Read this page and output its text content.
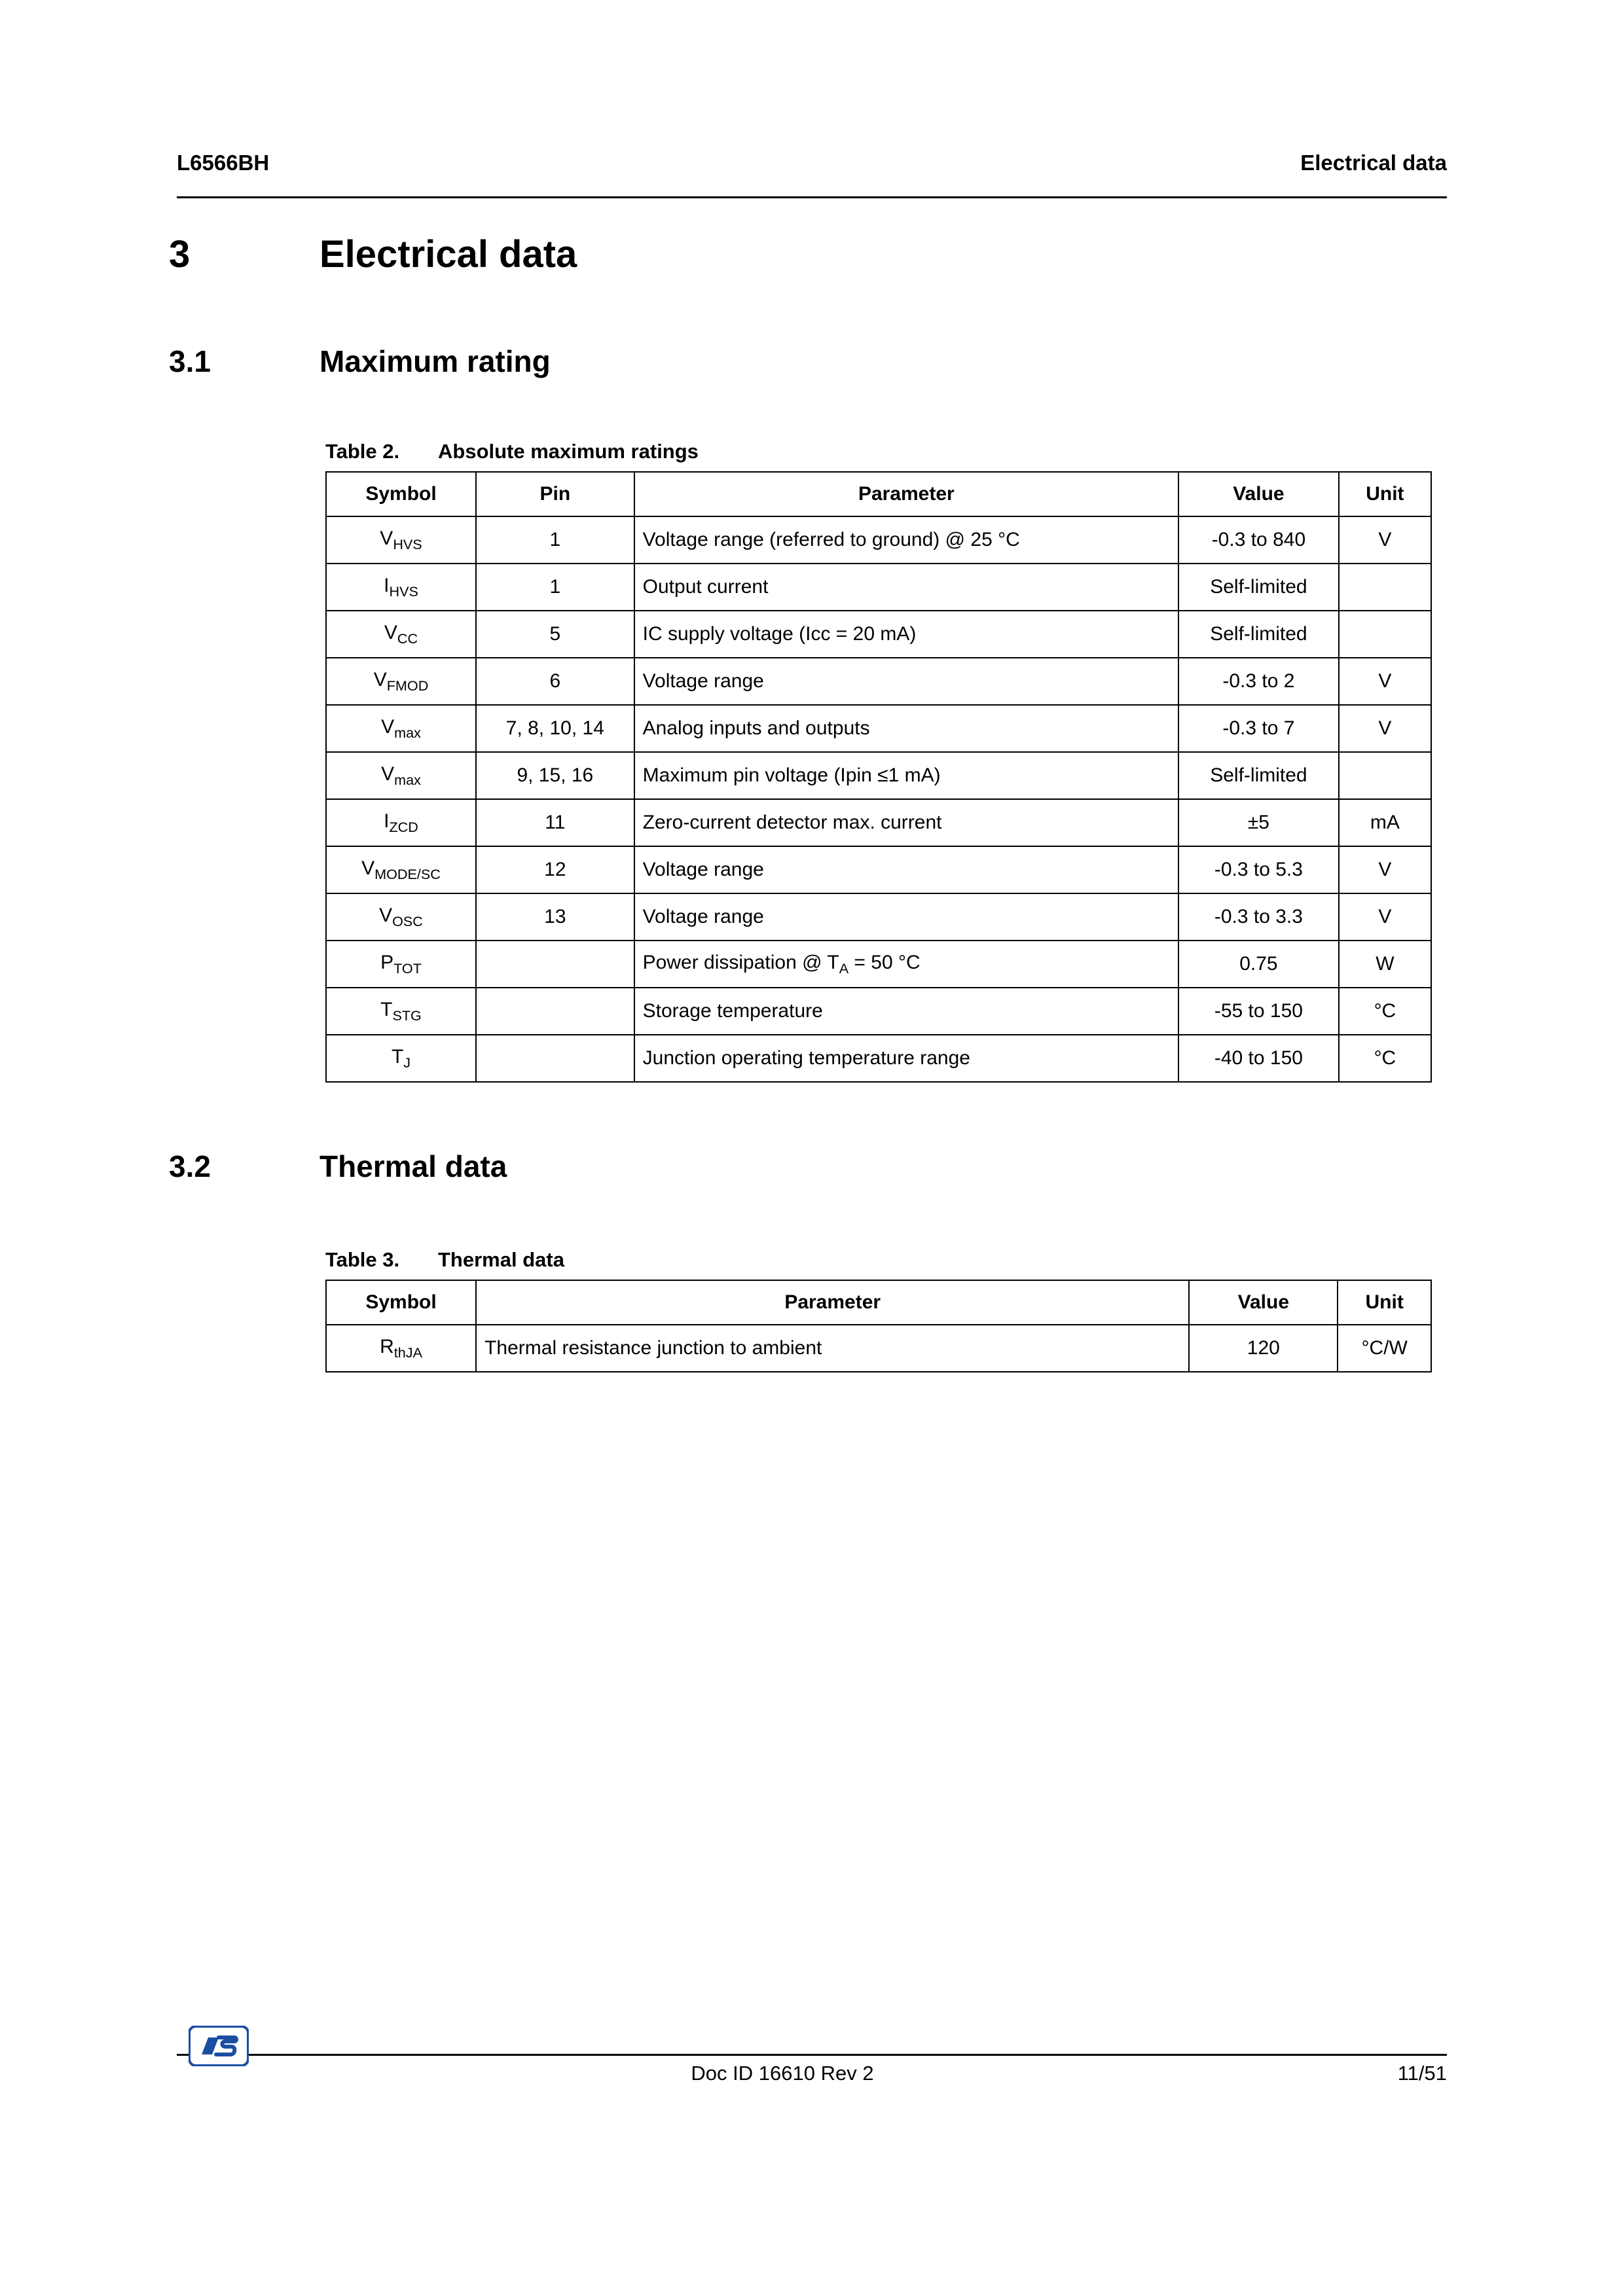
L6566BH	Electrical data
3	Electrical data
3.1	Maximum rating
Table 2.	Absolute maximum ratings
Symbol	Pin	Parameter	Value	Unit
$V_{HVS}$	1	Voltage range (referred to ground) @ 25 °C	-0.3 to 840	V
$I_{HVS}$	1	Output current	Self-limited	
$V_{CC}$	5	IC supply voltage (Icc = 20 mA)	Self-limited	
$V_{FMOD}$	6	Voltage range	-0.3 to 2	V
$V_{max}$	7, 8, 10, 14	Analog inputs and outputs	-0.3 to 7	V
$V_{max}$	9, 15, 16	Maximum pin voltage (Ipin ≤1 mA)	Self-limited	
$I_{ZCD}$	11	Zero-current detector max. current	±5	mA
$V_{MODE/SC}$	12	Voltage range	-0.3 to 5.3	V
$V_{OSC}$	13	Voltage range	-0.3 to 3.3	V
$P_{TOT}$		Power dissipation @ $T_A = 50$ °C	0.75	W
$T_{STG}$		Storage temperature	-55 to 150	°C
$T_J$		Junction operating temperature range	-40 to 150	°C
3.2	Thermal data
Table 3.	Thermal data
Symbol	Parameter	Value	Unit
$R_{thJA}$	Thermal resistance junction to ambient	120	°C/W
Doc ID 16610 Rev 2	11/51
